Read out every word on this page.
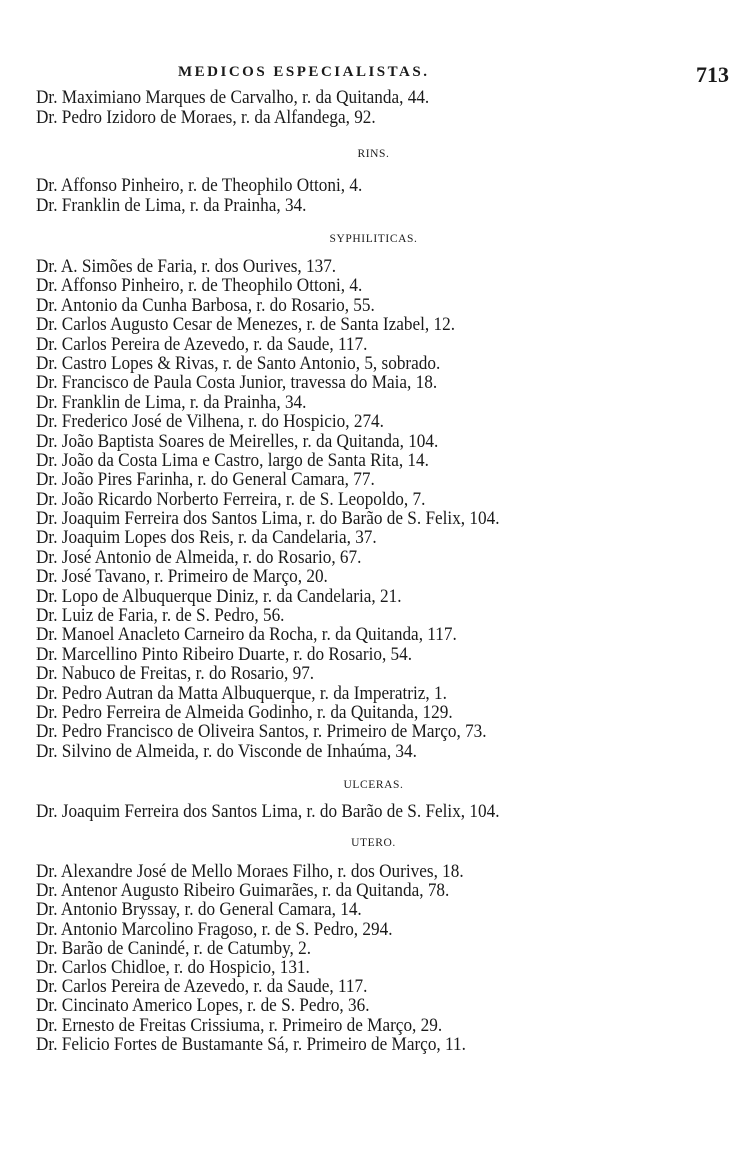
MEDICOS ESPECIALISTAS.	713
Dr. Maximiano Marques de Carvalho, r. da Quitanda, 44.
Dr. Pedro Izidoro de Moraes, r. da Alfandega, 92.
RINS.
Dr. Affonso Pinheiro, r. de Theophilo Ottoni, 4.
Dr. Franklin de Lima, r. da Prainha, 34.
SYPHILITICAS.
Dr. A. Simões de Faria, r. dos Ourives, 137.
Dr. Affonso Pinheiro, r. de Theophilo Ottoni, 4.
Dr. Antonio da Cunha Barbosa, r. do Rosario, 55.
Dr. Carlos Augusto Cesar de Menezes, r. de Santa Izabel, 12.
Dr. Carlos Pereira de Azevedo, r. da Saude, 117.
Dr. Castro Lopes & Rivas, r. de Santo Antonio, 5, sobrado.
Dr. Francisco de Paula Costa Junior, travessa do Maia, 18.
Dr. Franklin de Lima, r. da Prainha, 34.
Dr. Frederico José de Vilhena, r. do Hospicio, 274.
Dr. João Baptista Soares de Meirelles, r. da Quitanda, 104.
Dr. João da Costa Lima e Castro, largo de Santa Rita, 14.
Dr. João Pires Farinha, r. do General Camara, 77.
Dr. João Ricardo Norberto Ferreira, r. de S. Leopoldo, 7.
Dr. Joaquim Ferreira dos Santos Lima, r. do Barão de S. Felix, 104.
Dr. Joaquim Lopes dos Reis, r. da Candelaria, 37.
Dr. José Antonio de Almeida, r. do Rosario, 67.
Dr. José Tavano, r. Primeiro de Março, 20.
Dr. Lopo de Albuquerque Diniz, r. da Candelaria, 21.
Dr. Luiz de Faria, r. de S. Pedro, 56.
Dr. Manoel Anacleto Carneiro da Rocha, r. da Quitanda, 117.
Dr. Marcellino Pinto Ribeiro Duarte, r. do Rosario, 54.
Dr. Nabuco de Freitas, r. do Rosario, 97.
Dr. Pedro Autran da Matta Albuquerque, r. da Imperatriz, 1.
Dr. Pedro Ferreira de Almeida Godinho, r. da Quitanda, 129.
Dr. Pedro Francisco de Oliveira Santos, r. Primeiro de Março, 73.
Dr. Silvino de Almeida, r. do Visconde de Inhaúma, 34.
ULCERAS.
Dr. Joaquim Ferreira dos Santos Lima, r. do Barão de S. Felix, 104.
UTERO.
Dr. Alexandre José de Mello Moraes Filho, r. dos Ourives, 18.
Dr. Antenor Augusto Ribeiro Guimarães, r. da Quitanda, 78.
Dr. Antonio Bryssay, r. do General Camara, 14.
Dr. Antonio Marcolino Fragoso, r. de S. Pedro, 294.
Dr. Barão de Canindé, r. de Catumby, 2.
Dr. Carlos Chidloe, r. do Hospicio, 131.
Dr. Carlos Pereira de Azevedo, r. da Saude, 117.
Dr. Cincinato Americo Lopes, r. de S. Pedro, 36.
Dr. Ernesto de Freitas Crissiuma, r. Primeiro de Março, 29.
Dr. Felicio Fortes de Bustamante Sá, r. Primeiro de Março, 11.
